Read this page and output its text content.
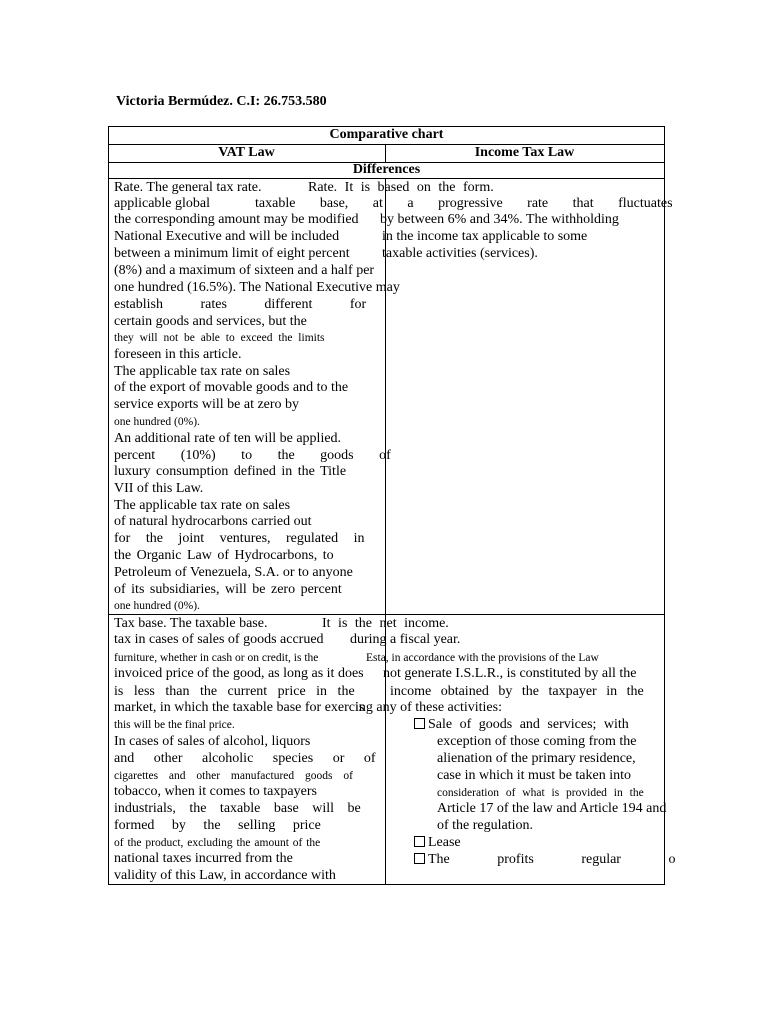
Victoria Bermúdez. C.I: 26.753.580
Comparative chart
VAT Law	Income Tax Law
Differences
Rate. The general tax rate.
applicable global
the corresponding amount may be modified
National Executive and will be included
between a minimum limit of eight percent
(8%) and a maximum of sixteen and a half per
one hundred (16.5%). The National Executive may
establish rates different for
certain goods and services, but the
they will not be able to exceed the limits
foreseen in this article.
The applicable tax rate on sales
of the export of movable goods and to the
service exports will be at zero by
one hundred (0%).
An additional rate of ten will be applied.
percent (10%) to the goods of
luxury consumption defined in the Title
VII of this Law.
The applicable tax rate on sales
of natural hydrocarbons carried out
for the joint ventures, regulated in
the Organic Law of Hydrocarbons, to
Petroleum of Venezuela, S.A. or to anyone
of its subsidiaries, will be zero percent
one hundred (0%).
Rate. It is based on the form.
taxable base, at a progressive rate that fluctuates
by between 6% and 34%. The withholding
in the income tax applicable to some
taxable activities (services).
Tax base. The taxable base.
tax in cases of sales of goods accrued
furniture, whether in cash or on credit, is the
invoiced price of the good, as long as it does
is less than the current price in the
market, in which the taxable base for exercis
this will be the final price.
In cases of sales of alcohol, liquors
and other alcoholic species or of
cigarettes and other manufactured goods of
tobacco, when it comes to taxpayers
industrials, the taxable base will be
formed by the selling price
of the product, excluding the amount of the
national taxes incurred from the
validity of this Law, in accordance with
It is the net income.
during a fiscal year.
Esta, in accordance with the provisions of the Law
not generate I.S.L.R., is constituted by all the
income obtained by the taxpayer in the
ing any of these activities:
Sale of goods and services; with
exception of those coming from the
alienation of the primary residence,
case in which it must be taken into
consideration of what is provided in the
Article 17 of the law and Article 194 and
of the regulation.
Lease
The profits regular o
